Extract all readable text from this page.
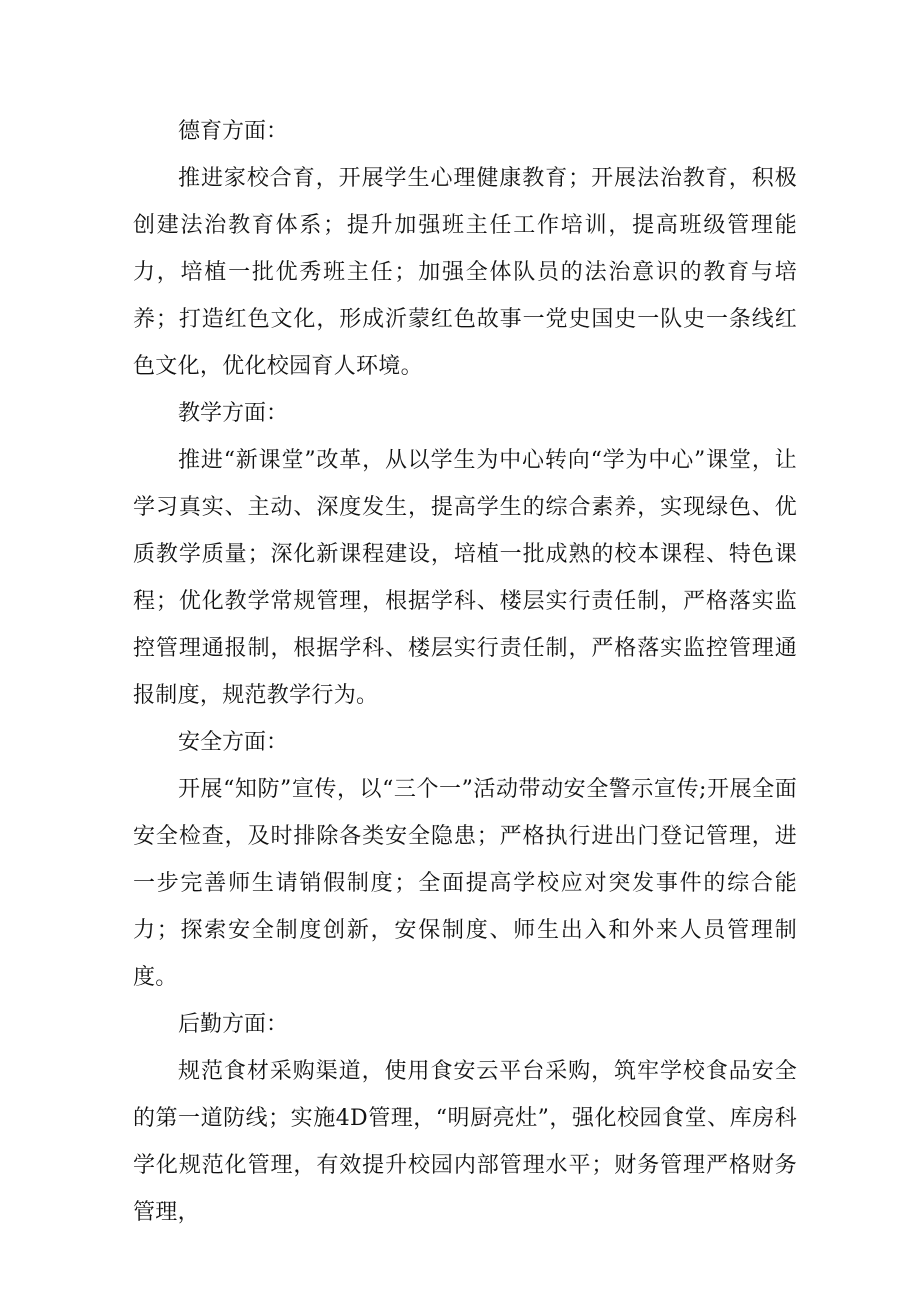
德育方面：

推进家校合育，开展学生心理健康教育；开展法治教育，积极创建法治教育体系；提升加强班主任工作培训，提高班级管理能力，培植一批优秀班主任；加强全体队员的法治意识的教育与培养；打造红色文化，形成沂蒙红色故事一党史国史一队史一条线红色文化，优化校园育人环境。

教学方面：

推进“新课堂”改革，从以学生为中心转向“学为中心”课堂，让学习真实、主动、深度发生，提高学生的综合素养，实现绿色、优质教学质量；深化新课程建设，培植一批成熟的校本课程、特色课程；优化教学常规管理，根据学科、楼层实行责任制，严格落实监控管理通报制，根据学科、楼层实行责任制，严格落实监控管理通报制度，规范教学行为。

安全方面：

开展“知防”宣传，以“三个一”活动带动安全警示宣传;开展全面安全检查，及时排除各类安全隐患；严格执行进出门登记管理，进一步完善师生请销假制度；全面提高学校应对突发事件的综合能力；探索安全制度创新，安保制度、师生出入和外来人员管理制度。

后勤方面：

规范食材采购渠道，使用食安云平台采购，筑牢学校食品安全的第一道防线；实施4D管理，“明厨亮灶”，强化校园食堂、库房科学化规范化管理，有效提升校园内部管理水平；财务管理严格财务管理，
